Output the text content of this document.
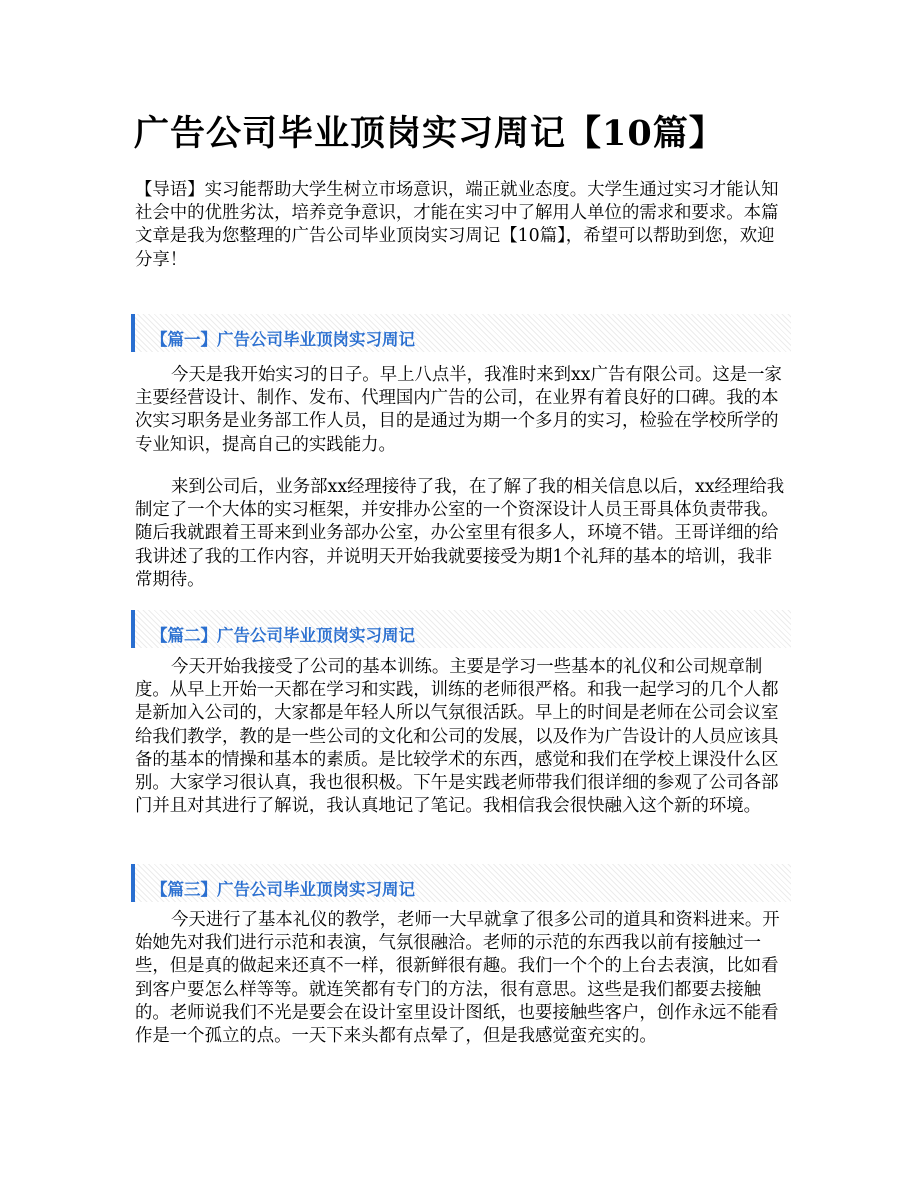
广告公司毕业顶岗实习周记【10篇】

【导语】实习能帮助大学生树立市场意识，端正就业态度。大学生通过实习才能认知社会中的优胜劣汰，培养竞争意识，才能在实习中了解用人单位的需求和要求。本篇文章是我为您整理的广告公司毕业顶岗实习周记【10篇】，希望可以帮助到您，欢迎分享！

【篇一】广告公司毕业顶岗实习周记

今天是我开始实习的日子。早上八点半，我准时来到xx广告有限公司。这是一家主要经营设计、制作、发布、代理国内广告的公司，在业界有着良好的口碑。我的本次实习职务是业务部工作人员，目的是通过为期一个多月的实习，检验在学校所学的专业知识，提高自己的实践能力。

来到公司后，业务部xx经理接待了我，在了解了我的相关信息以后，xx经理给我制定了一个大体的实习框架，并安排办公室的一个资深设计人员王哥具体负责带我。随后我就跟着王哥来到业务部办公室，办公室里有很多人，环境不错。王哥详细的给我讲述了我的工作内容，并说明天开始我就要接受为期1个礼拜的基本的培训，我非常期待。

【篇二】广告公司毕业顶岗实习周记

今天开始我接受了公司的基本训练。主要是学习一些基本的礼仪和公司规章制度。从早上开始一天都在学习和实践，训练的老师很严格。和我一起学习的几个人都是新加入公司的，大家都是年轻人所以气氛很活跃。早上的时间是老师在公司会议室给我们教学，教的是一些公司的文化和公司的发展，以及作为广告设计的人员应该具备的基本的情操和基本的素质。是比较学术的东西，感觉和我们在学校上课没什么区别。大家学习很认真，我也很积极。下午是实践老师带我们很详细的参观了公司各部门并且对其进行了解说，我认真地记了笔记。我相信我会很快融入这个新的环境。

【篇三】广告公司毕业顶岗实习周记

今天进行了基本礼仪的教学，老师一大早就拿了很多公司的道具和资料进来。开始她先对我们进行示范和表演，气氛很融洽。老师的示范的东西我以前有接触过一些，但是真的做起来还真不一样，很新鲜很有趣。我们一个个的上台去表演，比如看到客户要怎么样等等。就连笑都有专门的方法，很有意思。这些是我们都要去接触的。老师说我们不光是要会在设计室里设计图纸，也要接触些客户，创作永远不能看作是一个孤立的点。一天下来头都有点晕了，但是我感觉蛮充实的。
